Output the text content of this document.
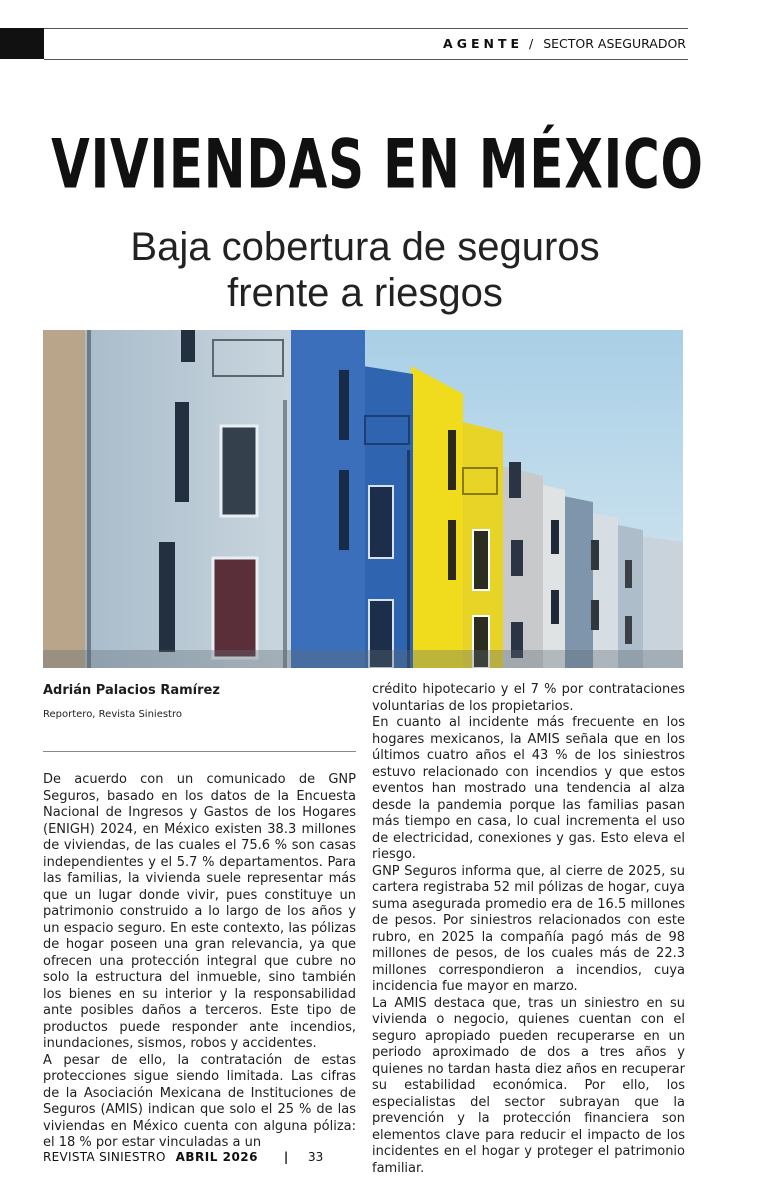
AGENTE / SECTOR ASEGURADOR
VIVIENDAS EN MÉXICO
Baja cobertura de seguros
frente a riesgos
Adrián Palacios Ramírez
Reportero, Revista Siniestro

De acuerdo con un comunicado de GNP Seguros, basado en los datos de la Encuesta Nacional de Ingresos y Gastos de los Hogares (ENIGH) 2024, en México existen 38.3 millones de viviendas, de las cuales el 75.6 % son casas independientes y el 5.7 % departamentos. Para las familias, la vivienda suele representar más que un lugar donde vivir, pues constituye un patrimonio construido a lo largo de los años y un espacio seguro. En este contexto, las pólizas de hogar poseen una gran relevancia, ya que ofrecen una protección integral que cubre no solo la estructura del inmueble, sino también los bienes en su interior y la responsabilidad ante posibles daños a terceros. Este tipo de productos puede responder ante incendios, inundaciones, sismos, robos y accidentes.

A pesar de ello, la contratación de estas protecciones sigue siendo limitada. Las cifras de la Asociación Mexicana de Instituciones de Seguros (AMIS) indican que solo el 25 % de las viviendas en México cuenta con alguna póliza: el 18 % por estar vinculadas a un

crédito hipotecario y el 7 % por contrataciones voluntarias de los propietarios.

En cuanto al incidente más frecuente en los hogares mexicanos, la AMIS señala que en los últimos cuatro años el 43 % de los siniestros estuvo relacionado con incendios y que estos eventos han mostrado una tendencia al alza desde la pandemia porque las familias pasan más tiempo en casa, lo cual incrementa el uso de electricidad, conexiones y gas. Esto eleva el riesgo.

GNP Seguros informa que, al cierre de 2025, su cartera registraba 52 mil pólizas de hogar, cuya suma asegurada promedio era de 16.5 millones de pesos. Por siniestros relacionados con este rubro, en 2025 la compañía pagó más de 98 millones de pesos, de los cuales más de 22.3 millones correspondieron a incendios, cuya incidencia fue mayor en marzo.

La AMIS destaca que, tras un siniestro en su vivienda o negocio, quienes cuentan con el seguro apropiado pueden recuperarse en un periodo aproximado de dos a tres años y quienes no tardan hasta diez años en recuperar su estabilidad económica. Por ello, los especialistas del sector subrayan que la prevención y la protección financiera son elementos clave para reducir el impacto de los incidentes en el hogar y proteger el patrimonio familiar.

REVISTA SINIESTRO ABRIL 2026 | 33
